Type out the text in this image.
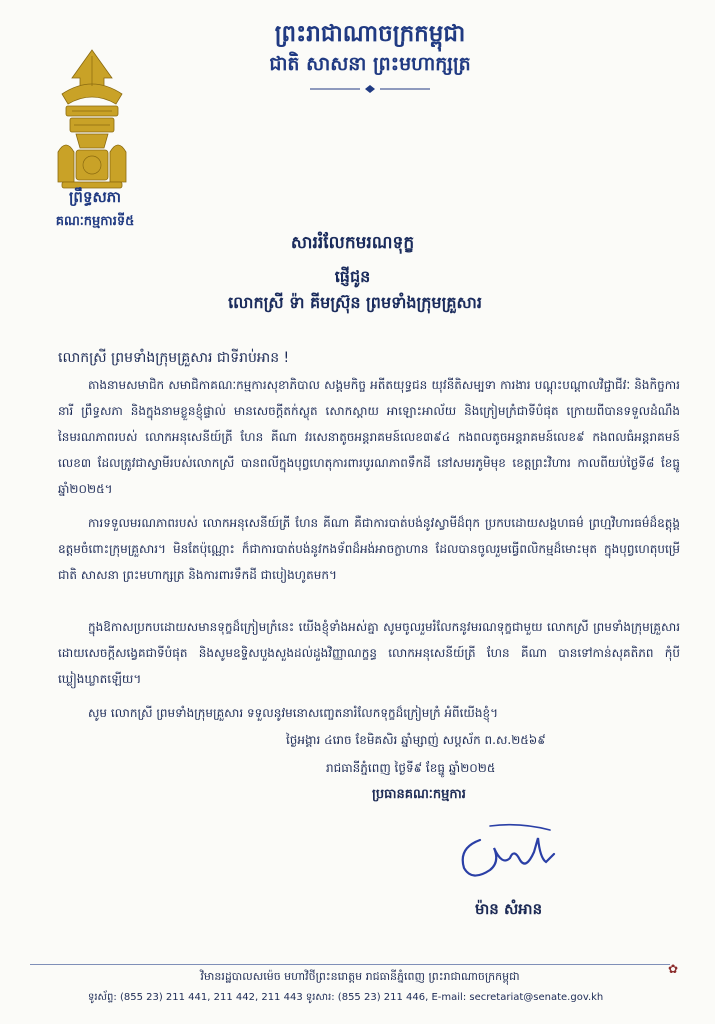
ព្រះរាជាណាចក្រកម្ពុជា
ជាតិ សាសនា ព្រះមហាក្សត្រ
ព្រឹទ្ធសភា
គណៈកម្មការទី៥
សាររំលែកមរណទុក្ខ
ផ្ញើជូន
លោកស្រី ទ៉ា គីមស្រ៊ុន ព្រមទាំងក្រុមគ្រួសារ
លោកស្រី ព្រមទាំងក្រុមគ្រួសារ ជាទីរាប់អាន !
តាងនាមសមាជិក សមាជិកាគណៈកម្មការសុខាភិបាល សង្គមកិច្ច អតីតយុទ្ធជន យុវនីតិសម្បទា ការងារ បណ្តុះបណ្តាលវិជ្ជាជីវៈ និងកិច្ចការនារី ព្រឹទ្ធសភា និងក្នុងនាមខ្លួនខ្ញុំផ្ទាល់ មានសេចក្តីតក់ស្លុត សោកស្តាយ អាឡោះអាល័យ និងក្រៀមក្រំជាទីបំផុត ក្រោយពីបានទទួលដំណឹងនៃមរណភាពរបស់ លោកអនុសេនីយ៍ត្រី ហែន គីណា វរសេនាតូចអន្តរាគមន៍លេខ៣៩៤ កងពលតូចអន្តរាគមន៍លេខ៩ កងពលធំអន្តរាគមន៍លេខ៣ ដែលត្រូវជាស្វាមីរបស់លោកស្រី បានពលីក្នុងបុព្វហេតុការពារបូរណភាពទឹកដី នៅសមរភូមិមុខ ខេត្តព្រះវិហារ កាលពីយប់ថ្ងៃទី៨ ខែធ្នូ ឆ្នាំ២០២៥។
ការទទួលមរណភាពរបស់ លោកអនុសេនីយ៍ត្រី ហែន គីណា គឺជាការបាត់បង់នូវស្វាមីដ៏ពុក ប្រកបដោយសង្គហធម៌ ព្រហ្មវិហារធម៌ដ៏ឧត្តុង្គឧត្តមចំពោះក្រុមគ្រួសារ។ មិនតែប៉ុណ្ណោះ ក៏ជាការបាត់បង់នូវកងទ័ពដ៏អង់អាចក្លាហាន ដែលបានចូលរួមធ្វើពលិកម្មដ៏មោះមុត ក្នុងបុព្វហេតុបម្រើជាតិ សាសនា ព្រះមហាក្សត្រ និងការពារទឹកដី ជាបៀងហូតមក។
ក្នុងឱកាសប្រកបដោយសមានទុក្ខដ៏ក្រៀមក្រំនេះ យើងខ្ញុំទាំងអស់គ្នា សូមចូលរួមរំលែកនូវមរណទុក្ខជាមួយ លោកស្រី ព្រមទាំងក្រុមគ្រួសារ ដោយសេចក្តីសង្វេគជាទីបំផុត និងសូមឧទ្ទិសបួងសួងដល់ដួងវិញ្ញាណក្ខន្ធ លោកអនុសេនីយ៍ត្រី ហែន គីណា បានទៅកាន់សុគតិភព កុំបីឃ្លៀងឃ្លាតឡើយ។
សូម លោកស្រី ព្រមទាំងក្រុមគ្រួសារ ទទួលនូវមនោសញ្ចេតនារំលែកទុក្ខដ៏ក្រៀមក្រំ អំពីយើងខ្ញុំ។
ថ្ងៃអង្គារ ៤រោច ខែមិគសិរ ឆ្នាំម្សាញ់ សប្តស័ក ព.ស.២៥៦៩
រាជធានីភ្នំពេញ ថ្ងៃទី៩ ខែធ្នូ ឆ្នាំ២០២៥
ប្រធានគណៈកម្មការ
ម៉ាន សំអាន
✿
វិមានរដ្ឋបាលសម៉េច មហាវិថីព្រះនរោត្តម រាជធានីភ្នំពេញ ព្រះរាជាណាចក្រកម្ពុជា
ទូរស័ព្ទ: (855 23) 211 441, 211 442, 211 443 ទូរសារ: (855 23) 211 446, E-mail: secretariat@senate.gov.kh
